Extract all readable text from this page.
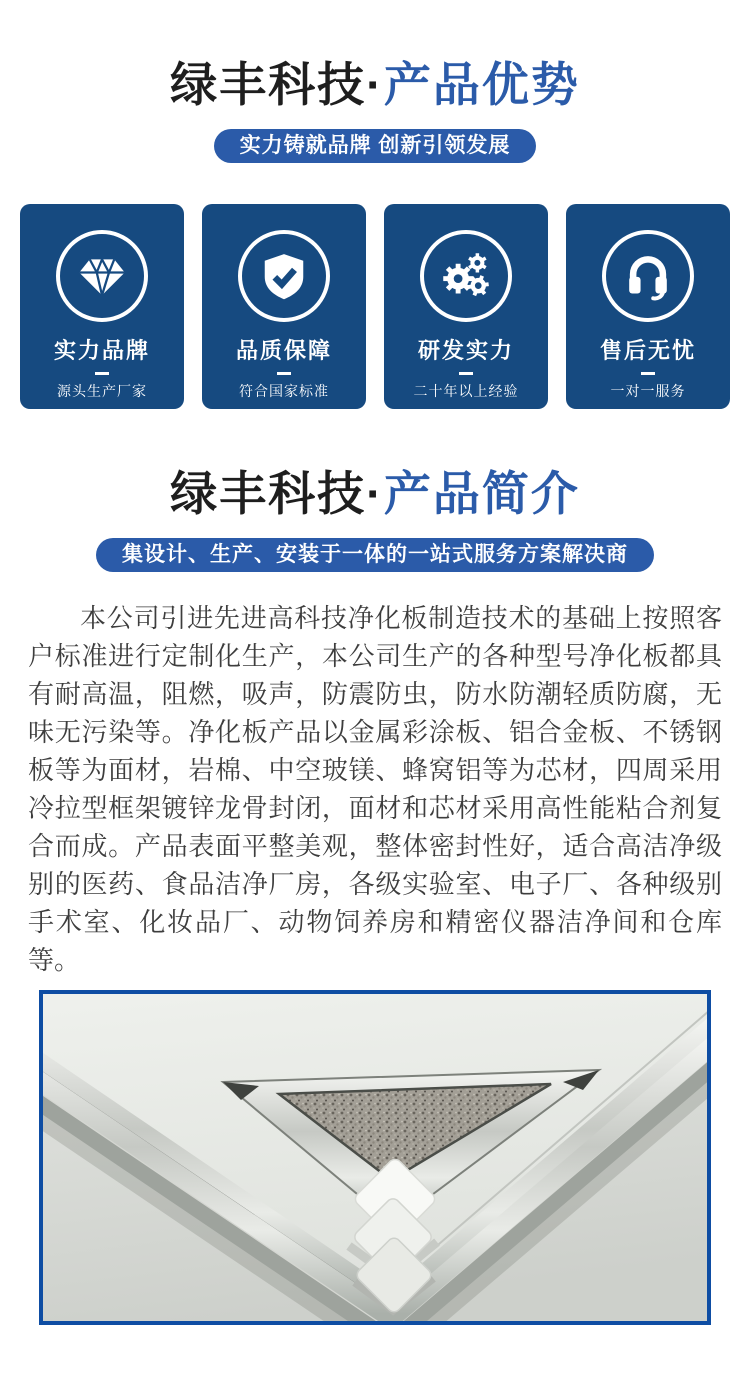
绿丰科技·产品优势
实力铸就品牌 创新引领发展
实力品牌
源头生产厂家
品质保障
符合国家标准
研发实力
二十年以上经验
售后无忧
一对一服务
绿丰科技·产品简介
集设计、生产、安装于一体的一站式服务方案解决商

本公司引进先进高科技净化板制造技术的基础上按照客户标准进行定制化生产，本公司生产的各种型号净化板都具有耐高温，阻燃，吸声，防震防虫，防水防潮轻质防腐，无味无污染等。净化板产品以金属彩涂板、铝合金板、不锈钢板等为面材，岩棉、中空玻镁、蜂窝铝等为芯材，四周采用冷拉型框架镀锌龙骨封闭，面材和芯材采用高性能粘合剂复合而成。产品表面平整美观，整体密封性好，适合高洁净级别的医药、食品洁净厂房，各级实验室、电子厂、各种级别手术室、化妆品厂、动物饲养房和精密仪器洁净间和仓库等。
